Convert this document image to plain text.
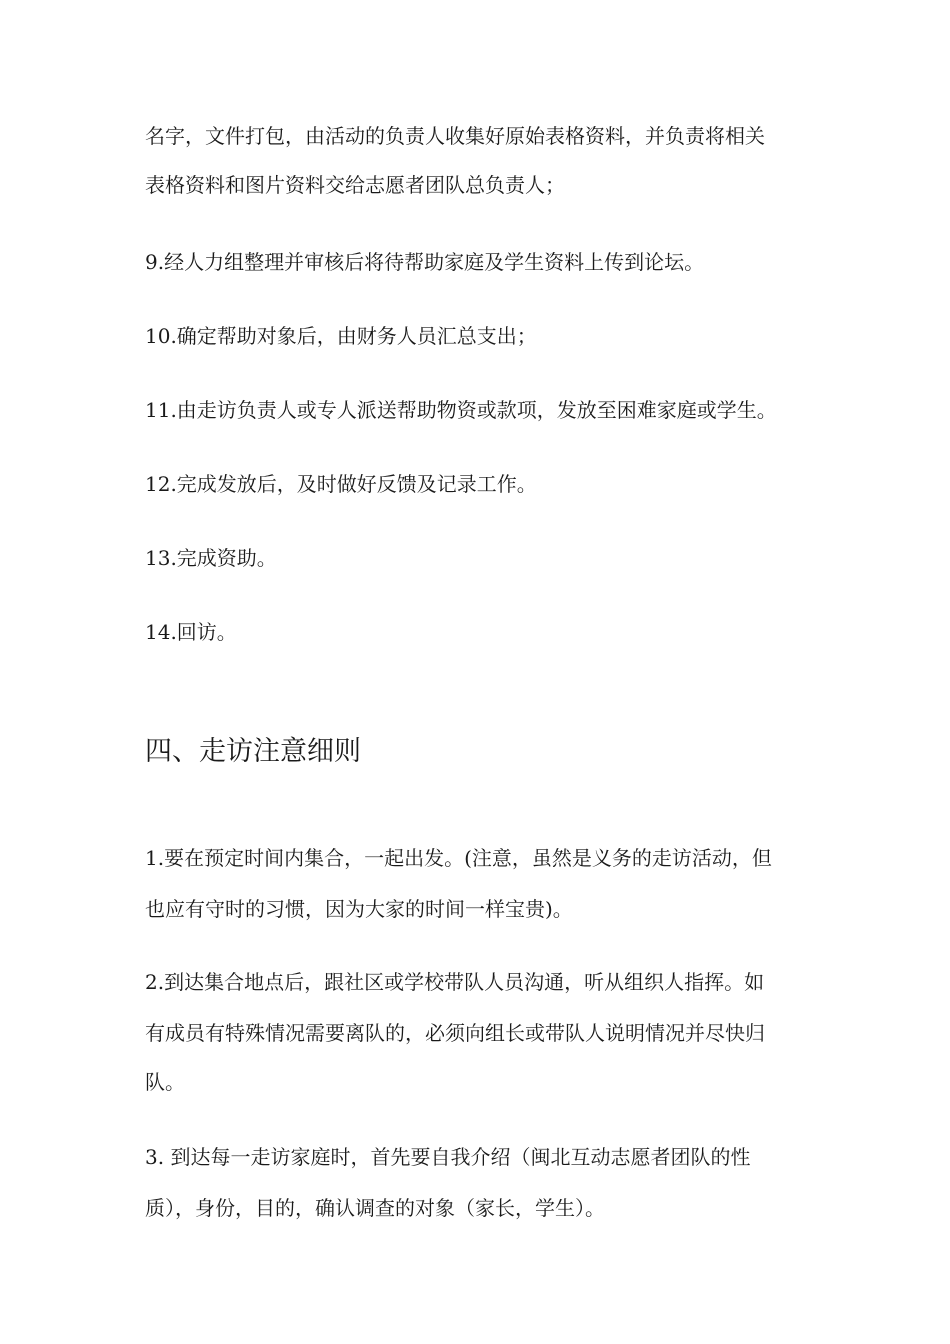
名字，文件打包，由活动的负责人收集好原始表格资料，并负责将相关

表格资料和图片资料交给志愿者团队总负责人；

9.经人力组整理并审核后将待帮助家庭及学生资料上传到论坛。

10.确定帮助对象后，由财务人员汇总支出；

11.由走访负责人或专人派送帮助物资或款项，发放至困难家庭或学生。

12.完成发放后，及时做好反馈及记录工作。

13.完成资助。

14.回访。

四、走访注意细则

1.要在预定时间内集合，一起出发。(注意，虽然是义务的走访活动，但

也应有守时的习惯，因为大家的时间一样宝贵)。

2.到达集合地点后，跟社区或学校带队人员沟通，听从组织人指挥。如

有成员有特殊情况需要离队的，必须向组长或带队人说明情况并尽快归

队。

3. 到达每一走访家庭时，首先要自我介绍（闽北互动志愿者团队的性

质），身份，目的，确认调查的对象（家长，学生）。
